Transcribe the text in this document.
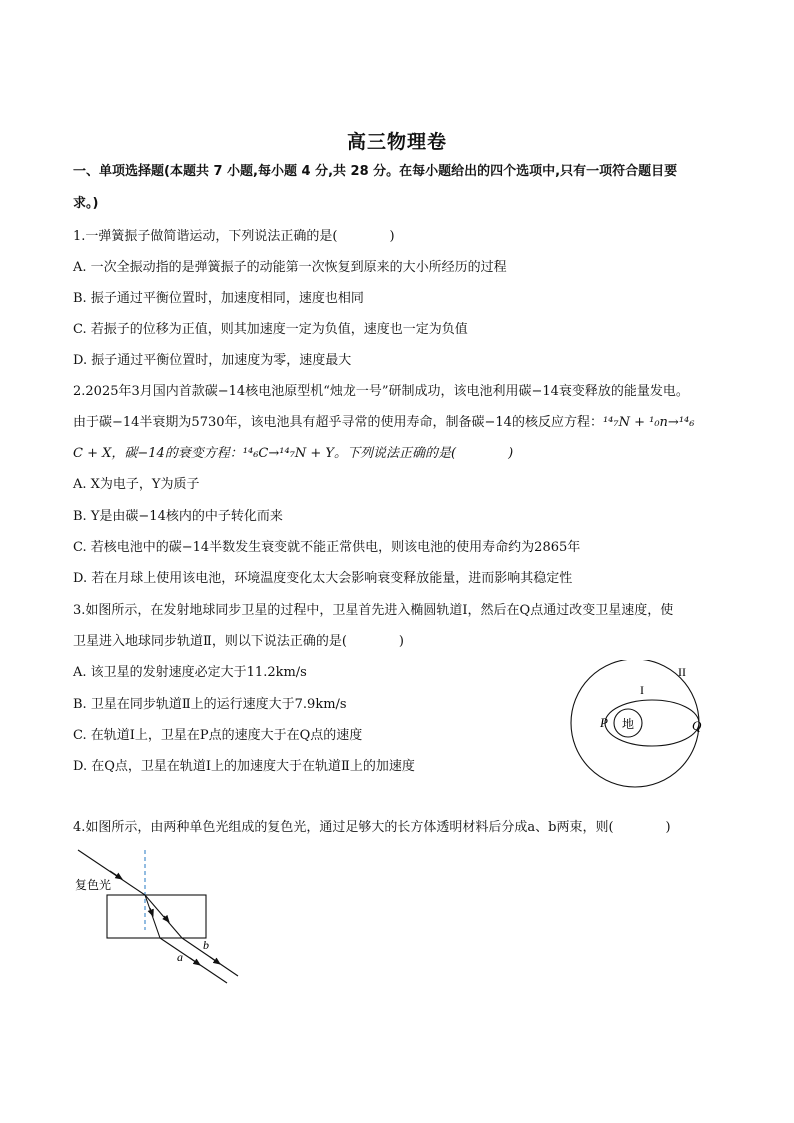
高三物理卷
一、单项选择题(本题共 7 小题,每小题 4 分,共 28 分。在每小题给出的四个选项中,只有一项符合题目要
求。)
1.一弹簧振子做简谐运动，下列说法正确的是(　　　　)
A. 一次全振动指的是弹簧振子的动能第一次恢复到原来的大小所经历的过程
B. 振子通过平衡位置时，加速度相同，速度也相同
C. 若振子的位移为正值，则其加速度一定为负值，速度也一定为负值
D. 振子通过平衡位置时，加速度为零，速度最大
2.2025年3月国内首款碳−14核电池原型机“烛龙一号”研制成功，该电池利用碳−14衰变释放的能量发电。
由于碳−14半衰期为5730年，该电池具有超乎寻常的使用寿命，制备碳−14的核反应方程：¹⁴₇N + ¹₀n→¹⁴₆
C + X，碳−14的衰变方程：¹⁴₆C→¹⁴₇N + Y。下列说法正确的是(　　　　)
A. X为电子，Y为质子
B. Y是由碳−14核内的中子转化而来
C. 若核电池中的碳−14半数发生衰变就不能正常供电，则该电池的使用寿命约为2865年
D. 若在月球上使用该电池，环境温度变化太大会影响衰变释放能量，进而影响其稳定性
3.如图所示，在发射地球同步卫星的过程中，卫星首先进入椭圆轨道Ⅰ，然后在Q点通过改变卫星速度，使
卫星进入地球同步轨道Ⅱ，则以下说法正确的是(　　　　)
A. 该卫星的发射速度必定大于11.2km/s
B. 卫星在同步轨道Ⅱ上的运行速度大于7.9km/s
C. 在轨道Ⅰ上，卫星在P点的速度大于在Q点的速度
D. 在Q点，卫星在轨道Ⅰ上的加速度大于在轨道Ⅱ上的加速度
地
P	Q
I
II
4.如图所示，由两种单色光组成的复色光，通过足够大的长方体透明材料后分成a、b两束，则(　　　　)
复色光
a
b
